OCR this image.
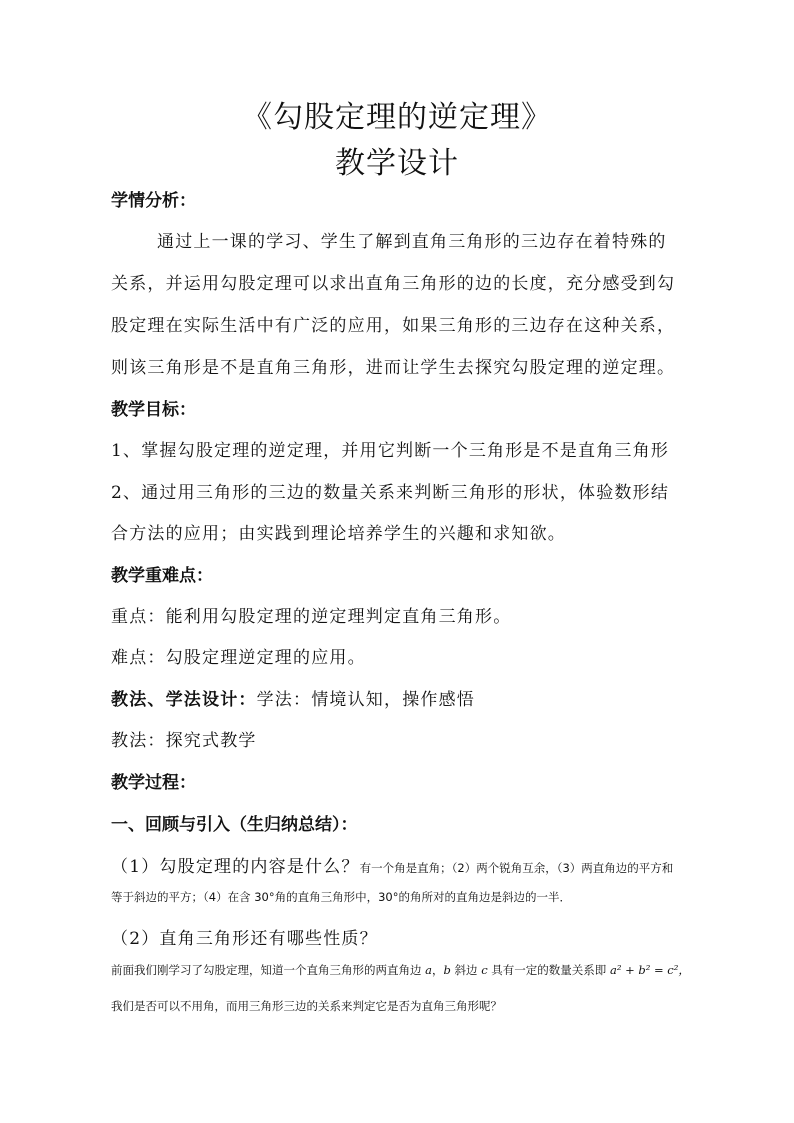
《勾股定理的逆定理》
教学设计
学情分析：
通过上一课的学习、学生了解到直角三角形的三边存在着特殊的
关系，并运用勾股定理可以求出直角三角形的边的长度，充分感受到勾
股定理在实际生活中有广泛的应用，如果三角形的三边存在这种关系，
则该三角形是不是直角三角形，进而让学生去探究勾股定理的逆定理。
教学目标：
1、掌握勾股定理的逆定理，并用它判断一个三角形是不是直角三角形
2、通过用三角形的三边的数量关系来判断三角形的形状，体验数形结
合方法的应用；由实践到理论培养学生的兴趣和求知欲。
教学重难点：
重点：能利用勾股定理的逆定理判定直角三角形。
难点：勾股定理逆定理的应用。
教法、学法设计：学法：情境认知，操作感悟
教法：探究式教学
教学过程：
一、回顾与引入（生归纳总结）：
（1）勾股定理的内容是什么？有一个角是直角；（2）两个锐角互余，（3）两直角边的平方和
等于斜边的平方；（4）在含 30°角的直角三角形中，30°的角所对的直角边是斜边的一半．
（2）直角三角形还有哪些性质？
前面我们刚学习了勾股定理，知道一个直角三角形的两直角边 a，b 斜边 c 具有一定的数量关系即 a² + b² = c²，
我们是否可以不用角，而用三角形三边的关系来判定它是否为直角三角形呢？
